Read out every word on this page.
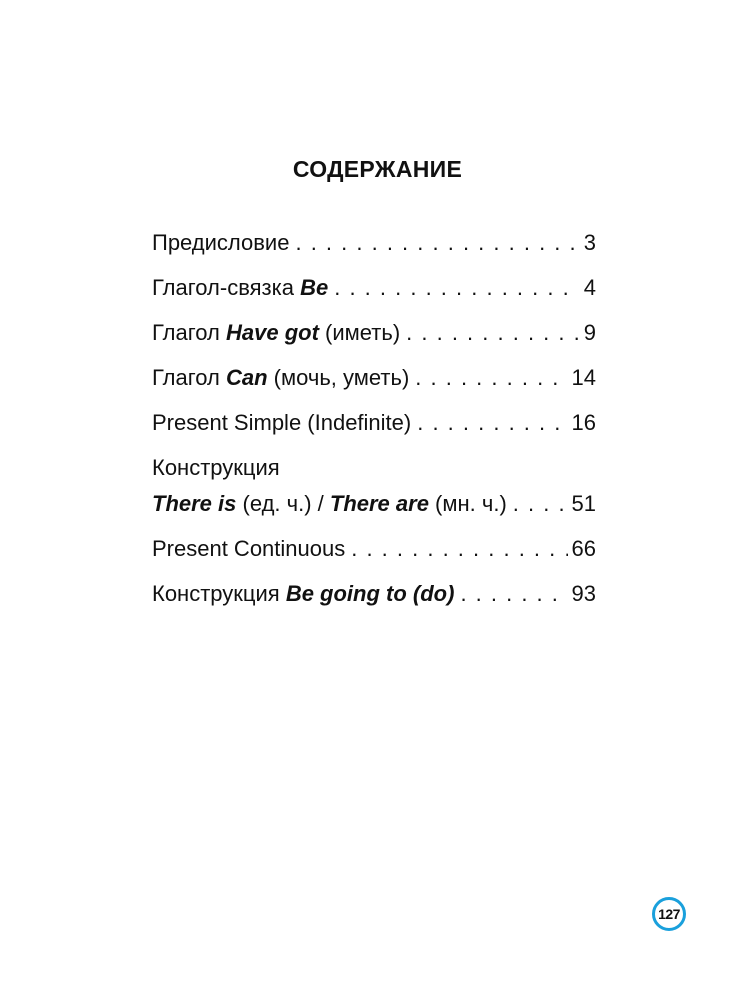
СОДЕРЖАНИЕ
Предисловие . . .	3
Глагол-связка Be . . .	4
Глагол Have got (иметь) . . .	9
Глагол Can (мочь, уметь) . . .	14
Present Simple (Indefinite) . . .	16
Конструкция
There is (ед. ч.) / There are (мн. ч.) . . .	51
Present Continuous . . .	66
Конструкция Be going to (do) . . .	93
127
